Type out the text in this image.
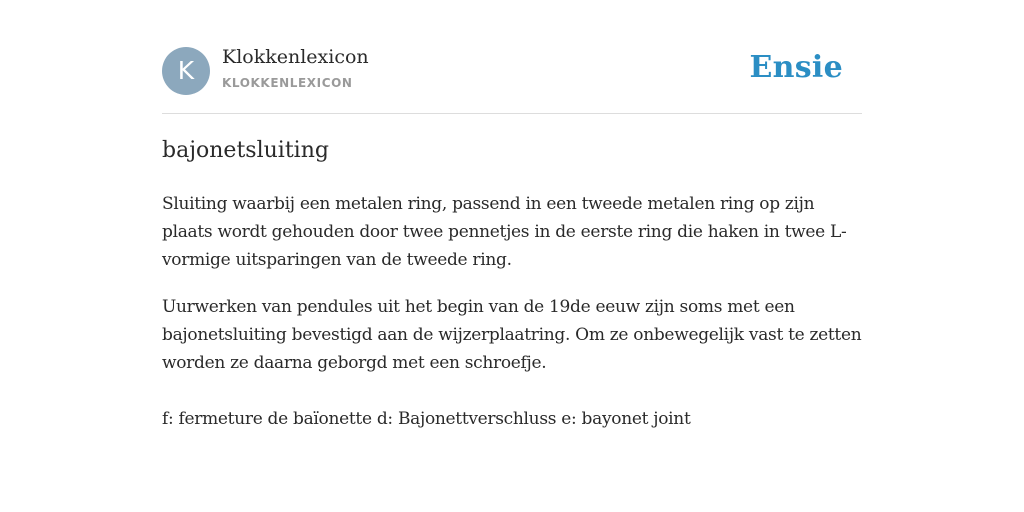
K	Klokkenlexicon
KLOKKENLEXICON	Ensie
bajonetsluiting

Sluiting waarbij een metalen ring, passend in een tweede metalen ring op zijn plaats wordt gehouden door twee pennetjes in de eerste ring die haken in twee L-vormige uitsparingen van de tweede ring.

Uurwerken van pendules uit het begin van de 19de eeuw zijn soms met een bajonetsluiting bevestigd aan de wijzerplaatring. Om ze onbewegelijk vast te zetten worden ze daarna geborgd met een schroefje.

f: fermeture de baïonette d: Bajonettverschluss e: bayonet joint
